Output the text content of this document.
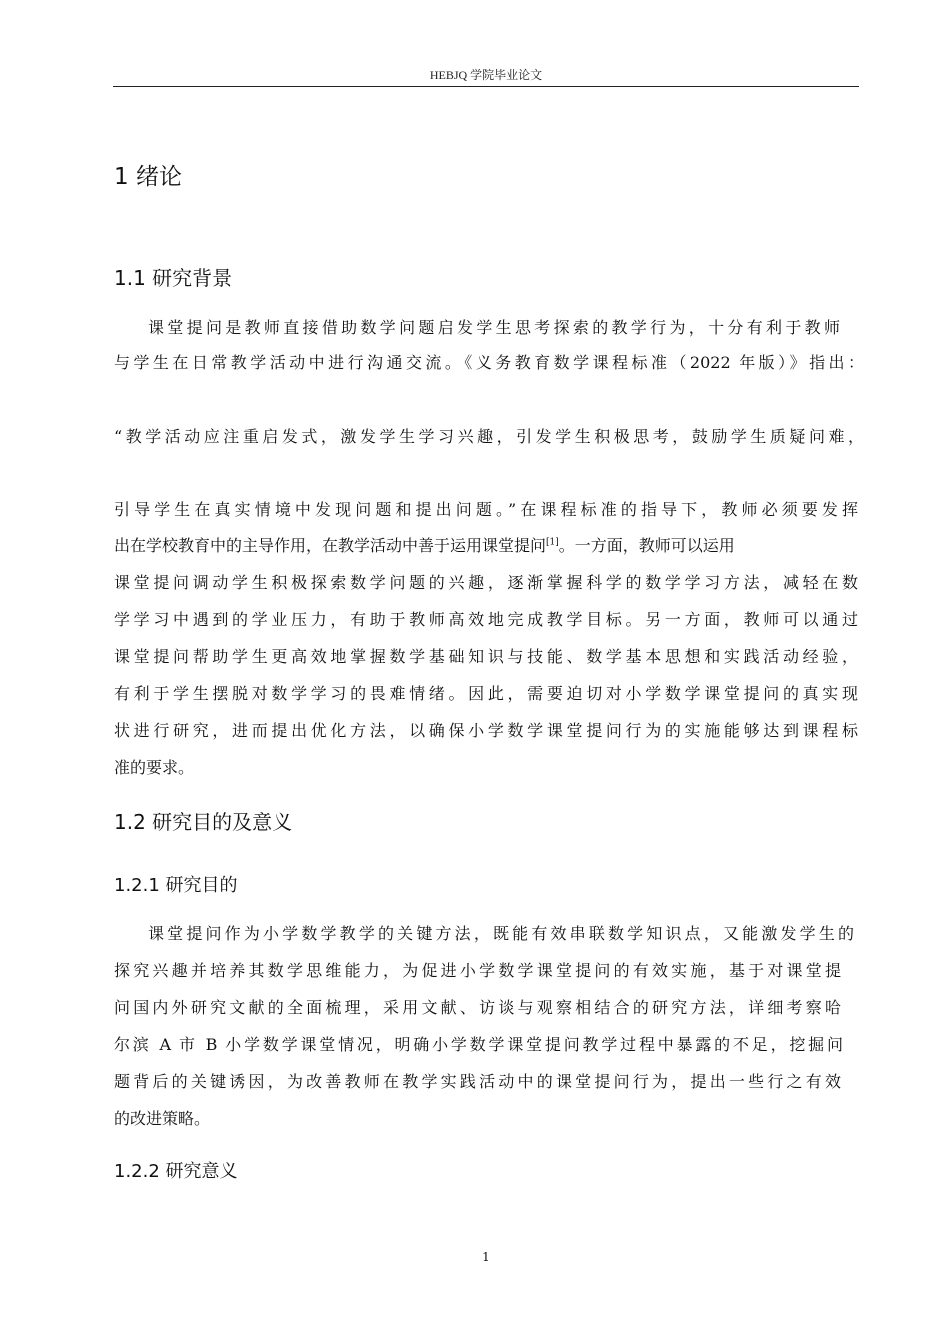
HEBJQ 学院毕业论文
1 绪论
1.1 研究背景
课堂提问是教师直接借助数学问题启发学生思考探索的教学行为，十分有利于教师
与学生在日常教学活动中进行沟通交流。《义务教育数学课程标准（2022 年版）》指出：
“教学活动应注重启发式，激发学生学习兴趣，引发学生积极思考，鼓励学生质疑问难，
引导学生在真实情境中发现问题和提出问题。”在课程标准的指导下，教师必须要发挥
出在学校教育中的主导作用，在教学活动中善于运用课堂提问[1]。一方面，教师可以运用
课堂提问调动学生积极探索数学问题的兴趣，逐渐掌握科学的数学学习方法，减轻在数
学学习中遇到的学业压力，有助于教师高效地完成教学目标。另一方面，教师可以通过
课堂提问帮助学生更高效地掌握数学基础知识与技能、数学基本思想和实践活动经验，
有利于学生摆脱对数学学习的畏难情绪。因此，需要迫切对小学数学课堂提问的真实现
状进行研究，进而提出优化方法，以确保小学数学课堂提问行为的实施能够达到课程标
准的要求。
1.2 研究目的及意义
1.2.1 研究目的
课堂提问作为小学数学教学的关键方法，既能有效串联数学知识点，又能激发学生的
探究兴趣并培养其数学思维能力，为促进小学数学课堂提问的有效实施，基于对课堂提
问国内外研究文献的全面梳理，采用文献、访谈与观察相结合的研究方法，详细考察哈
尔滨 A 市 B 小学数学课堂情况，明确小学数学课堂提问教学过程中暴露的不足，挖掘问
题背后的关键诱因，为改善教师在教学实践活动中的课堂提问行为，提出一些行之有效
的改进策略。
1.2.2 研究意义
1
